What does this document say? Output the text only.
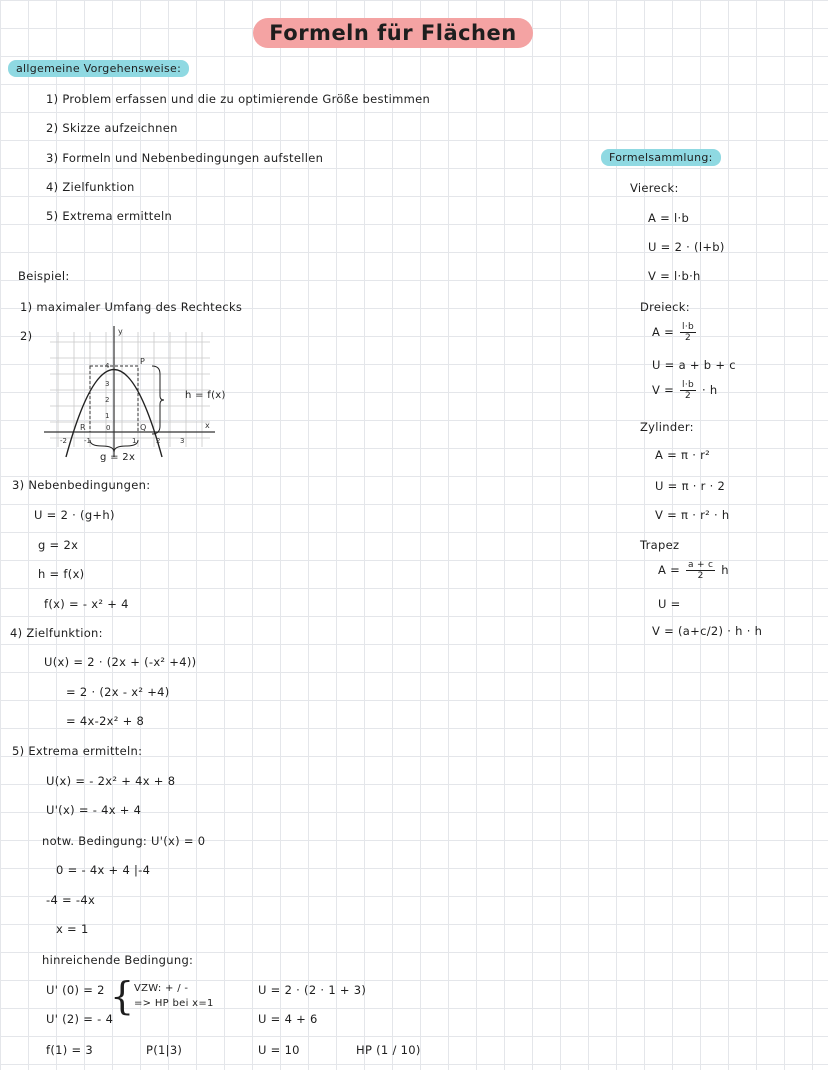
Formeln für Flächen
allgemeine Vorgehensweise:
1) Problem erfassen und die zu optimierende Größe bestimmen
2) Skizze aufzeichnen
3) Formeln und Nebenbedingungen aufstellen
4) Zielfunktion
5) Extrema ermitteln
Beispiel:
1) maximaler Umfang des Rechtecks
2)	y
x
4
3
2
1
-2 -1
0
1	2	3
P
Q
R
h = f(x)
g = 2x
3) Nebenbedingungen:
U = 2 · (g+h)
g = 2x
h = f(x)
f(x) = - x² + 4
4) Zielfunktion:
U(x) = 2 · (2x + (-x² +4))
= 2 · (2x - x² +4)
= 4x-2x² + 8
5) Extrema ermitteln:
U(x) = - 2x² + 4x + 8
U'(x) = - 4x + 4
notw. Bedingung: U'(x) = 0
0 = - 4x + 4 |-4
-4 = -4x
x = 1
hinreichende Bedingung:
U' (0) = 2
U' (2) = - 4
{ VZW: + / -
=> HP bei x=1
f(1) = 3	P(1|3)
U = 2 · (2 · 1 + 3)
U = 4 + 6
U = 10	HP (1 / 10)
Formelsammlung:
Viereck:
A = l·b
U = 2 · (l+b)
V = l·b·h
Dreieck:
$A = \frac{l\cdot b}{2}$
U = a + b + c
$V = \frac{l\cdot b}{2} \cdot h$
Zylinder:
A = π · r²
U = π · r · 2
V = π · r² · h
Trapez
$A = \frac{a + c}{2}$ h
U =
V = (a+c/2) · h · h
